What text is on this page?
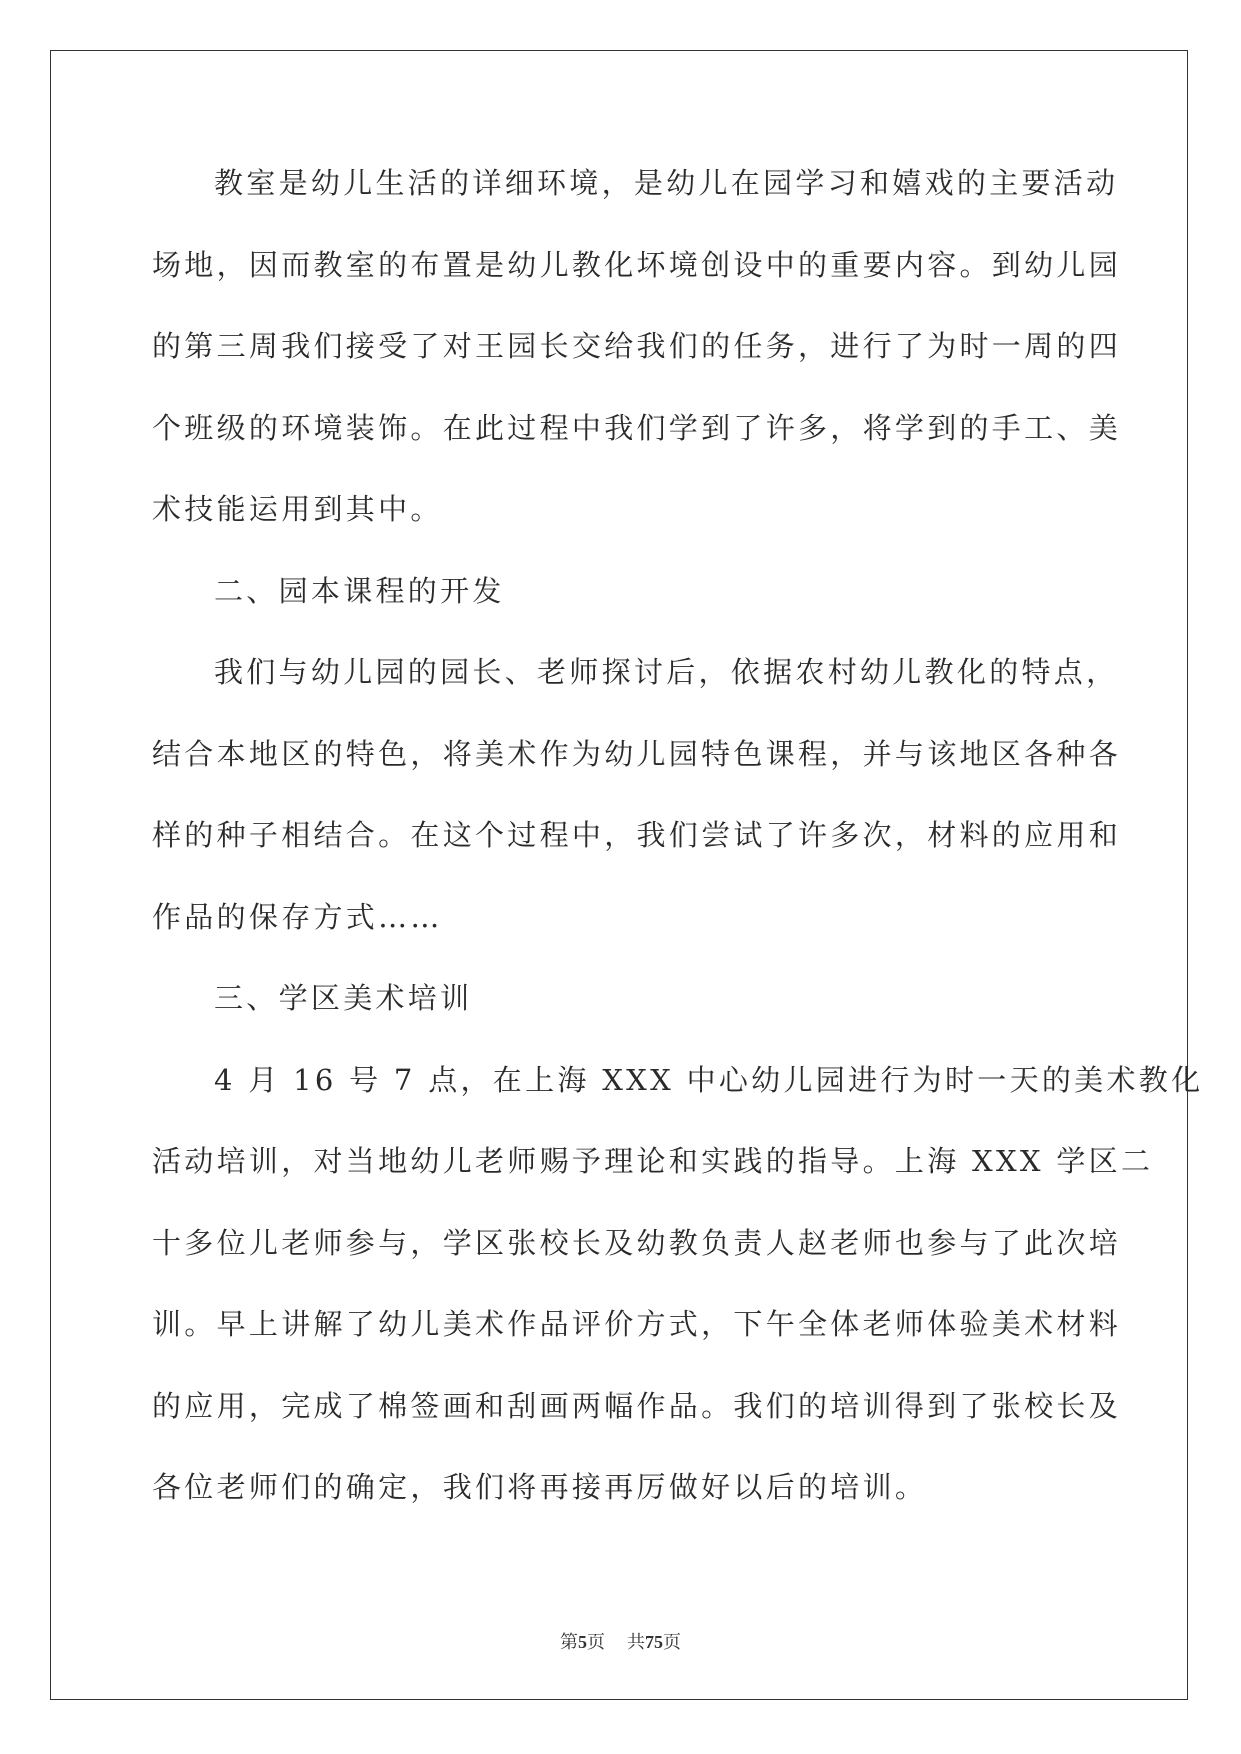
教室是幼儿生活的详细环境，是幼儿在园学习和嬉戏的主要活动
场地，因而教室的布置是幼儿教化坏境创设中的重要内容。到幼儿园
的第三周我们接受了对王园长交给我们的任务，进行了为时一周的四
个班级的环境装饰。在此过程中我们学到了许多，将学到的手工、美
术技能运用到其中。
二、园本课程的开发
我们与幼儿园的园长、老师探讨后，依据农村幼儿教化的特点，
结合本地区的特色，将美术作为幼儿园特色课程，并与该地区各种各
样的种子相结合。在这个过程中，我们尝试了许多次，材料的应用和
作品的保存方式……
三、学区美术培训
4 月 16 号 7 点，在上海 XXX 中心幼儿园进行为时一天的美术教化
活动培训，对当地幼儿老师赐予理论和实践的指导。上海 XXX 学区二
十多位儿老师参与，学区张校长及幼教负责人赵老师也参与了此次培
训。早上讲解了幼儿美术作品评价方式，下午全体老师体验美术材料
的应用，完成了棉签画和刮画两幅作品。我们的培训得到了张校长及
各位老师们的确定，我们将再接再厉做好以后的培训。
第5页 共75页
